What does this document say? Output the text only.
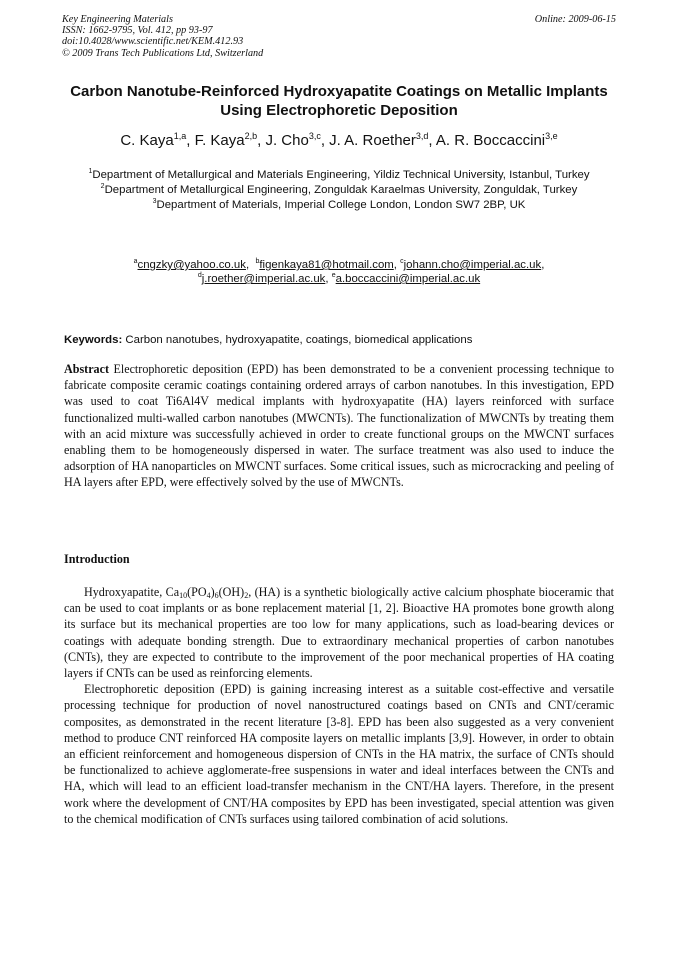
Key Engineering Materials
ISSN: 1662-9795, Vol. 412, pp 93-97
doi:10.4028/www.scientific.net/KEM.412.93
© 2009 Trans Tech Publications Ltd, Switzerland
Online: 2009-06-15
Carbon Nanotube-Reinforced Hydroxyapatite Coatings on Metallic Implants Using Electrophoretic Deposition
C. Kaya$^{1,a}$, F. Kaya$^{2,b}$, J. Cho$^{3,c}$, J. A. Roether$^{3,d}$, A. R. Boccaccini$^{3,e}$
$^1$Department of Metallurgical and Materials Engineering, Yildiz Technical University, Istanbul, Turkey
$^2$Department of Metallurgical Engineering, Zonguldak Karaelmas University, Zonguldak, Turkey
$^3$Department of Materials, Imperial College London, London SW7 2BP, UK
$^a$cngzky@yahoo.co.uk,  $^b$figenkaya81@hotmail.com, $^c$johann.cho@imperial.ac.uk,
$^d$j.roether@imperial.ac.uk, $^e$a.boccaccini@imperial.ac.uk
Keywords: Carbon nanotubes, hydroxyapatite, coatings, biomedical applications
Abstract Electrophoretic deposition (EPD) has been demonstrated to be a convenient processing technique to fabricate composite ceramic coatings containing ordered arrays of carbon nanotubes. In this investigation, EPD was used to coat Ti6Al4V medical implants with hydroxyapatite (HA) layers reinforced with surface functionalized multi-walled carbon nanotubes (MWCNTs). The functionalization of MWCNTs by treating them with an acid mixture was successfully achieved in order to create functional groups on the MWCNT surfaces enabling them to be homogeneously dispersed in water. The surface treatment was also used to induce the adsorption of HA nanoparticles on MWCNT surfaces. Some critical issues, such as microcracking and peeling of HA layers after EPD, were effectively solved by the use of MWCNTs.
Introduction

Hydroxyapatite, $Ca_{10}(PO_4)_6(OH)_2$, (HA) is a synthetic biologically active calcium phosphate bioceramic that can be used to coat implants or as bone replacement material [1, 2]. Bioactive HA promotes bone growth along its surface but its mechanical properties are too low for many applications, such as load-bearing devices or coatings with adequate bonding strength. Due to extraordinary mechanical properties of carbon nanotubes (CNTs), they are expected to contribute to the improvement of the poor mechanical properties of HA coating layers if CNTs can be used as reinforcing elements.

Electrophoretic deposition (EPD) is gaining increasing interest as a suitable cost-effective and versatile processing technique for production of novel nanostructured coatings based on CNTs and CNT/ceramic composites, as demonstrated in the recent literature [3-8]. EPD has been also suggested as a very convenient method to produce CNT reinforced HA composite layers on metallic implants [3,9]. However, in order to obtain an efficient reinforcement and homogeneous dispersion of CNTs in the HA matrix, the surface of CNTs should be functionalized to achieve agglomerate-free suspensions in water and ideal interfaces between the CNTs and HA, which will lead to an efficient load-transfer mechanism in the CNT/HA layers. Therefore, in the present work where the development of CNT/HA composites by EPD has been investigated, special attention was given to the chemical modification of CNTs surfaces using tailored combination of acid solutions.
